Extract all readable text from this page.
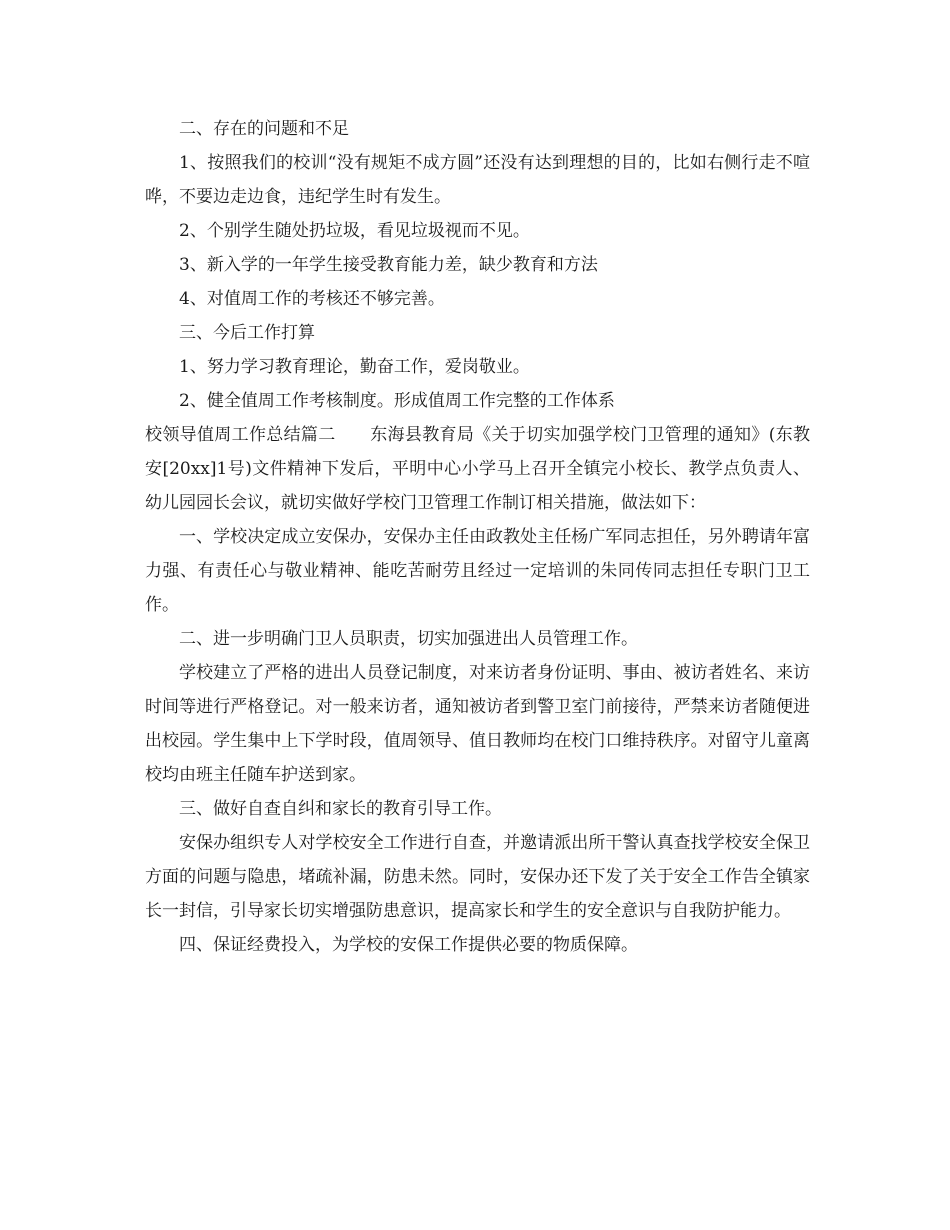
二、存在的问题和不足

1、按照我们的校训“没有规矩不成方圆”还没有达到理想的目的，比如右侧行走不喧哗，不要边走边食，违纪学生时有发生。

2、个别学生随处扔垃圾，看见垃圾视而不见。

3、新入学的一年学生接受教育能力差，缺少教育和方法

4、对值周工作的考核还不够完善。

三、今后工作打算

1、努力学习教育理论，勤奋工作，爱岗敬业。

2、健全值周工作考核制度。形成值周工作完整的工作体系

校领导值周工作总结篇二　　东海县教育局《关于切实加强学校门卫管理的通知》(东教安[20xx]1号)文件精神下发后，平明中心小学马上召开全镇完小校长、教学点负责人、幼儿园园长会议，就切实做好学校门卫管理工作制订相关措施，做法如下：

一、学校决定成立安保办，安保办主任由政教处主任杨广军同志担任，另外聘请年富力强、有责任心与敬业精神、能吃苦耐劳且经过一定培训的朱同传同志担任专职门卫工作。

二、进一步明确门卫人员职责，切实加强进出人员管理工作。

学校建立了严格的进出人员登记制度，对来访者身份证明、事由、被访者姓名、来访时间等进行严格登记。对一般来访者，通知被访者到警卫室门前接待，严禁来访者随便进出校园。学生集中上下学时段，值周领导、值日教师均在校门口维持秩序。对留守儿童离校均由班主任随车护送到家。

三、做好自查自纠和家长的教育引导工作。

安保办组织专人对学校安全工作进行自查，并邀请派出所干警认真查找学校安全保卫方面的问题与隐患，堵疏补漏，防患未然。同时，安保办还下发了关于安全工作告全镇家长一封信，引导家长切实增强防患意识，提高家长和学生的安全意识与自我防护能力。

四、保证经费投入，为学校的安保工作提供必要的物质保障。
